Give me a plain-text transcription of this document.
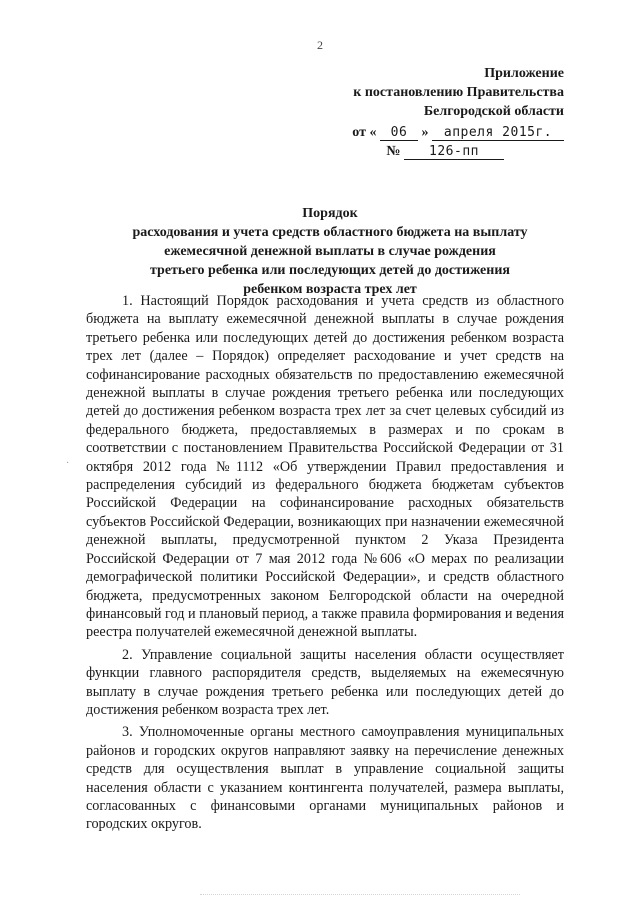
2
Приложение
к постановлению Правительства
Белгородской области
от « 06 » апреля 2015г.
№ 126-пп
Порядок
расходования и учета средств областного бюджета на выплату
ежемесячной денежной выплаты в случае рождения
третьего ребенка или последующих детей до достижения
ребенком возраста трех лет
·

1. Настоящий Порядок расходования и учета средств из областного бюджета на выплату ежемесячной денежной выплаты в случае рождения третьего ребенка или последующих детей до достижения ребенком возраста трех лет (далее – Порядок) определяет расходование и учет средств на софинансирование расходных обязательств по предоставлению ежемесячной денежной выплаты в случае рождения третьего ребенка или последующих детей до достижения ребенком возраста трех лет за счет целевых субсидий из федерального бюджета, предоставляемых в размерах и по срокам в соответствии с постановлением Правительства Российской Федерации от 31 октября 2012 года №1112 «Об утверждении Правил предоставления и распределения субсидий из федерального бюджета бюджетам субъектов Российской Федерации на софинансирование расходных обязательств субъектов Российской Федерации, возникающих при назначении ежемесячной денежной выплаты, предусмотренной пунктом 2 Указа Президента Российской Федерации от 7 мая 2012 года №606 «О мерах по реализации демографической политики Российской Федерации», и средств областного бюджета, предусмотренных законом Белгородской области на очередной финансовый год и плановый период, а также правила формирования и ведения реестра получателей ежемесячной денежной выплаты.

2. Управление социальной защиты населения области осуществляет функции главного распорядителя средств, выделяемых на ежемесячную выплату в случае рождения третьего ребенка или последующих детей до достижения ребенком возраста трех лет.

3. Уполномоченные органы местного самоуправления муниципальных районов и городских округов направляют заявку на перечисление денежных средств для осуществления выплат в управление социальной защиты населения области с указанием контингента получателей, размера выплаты, согласованных с финансовыми органами муниципальных районов и городских округов.
